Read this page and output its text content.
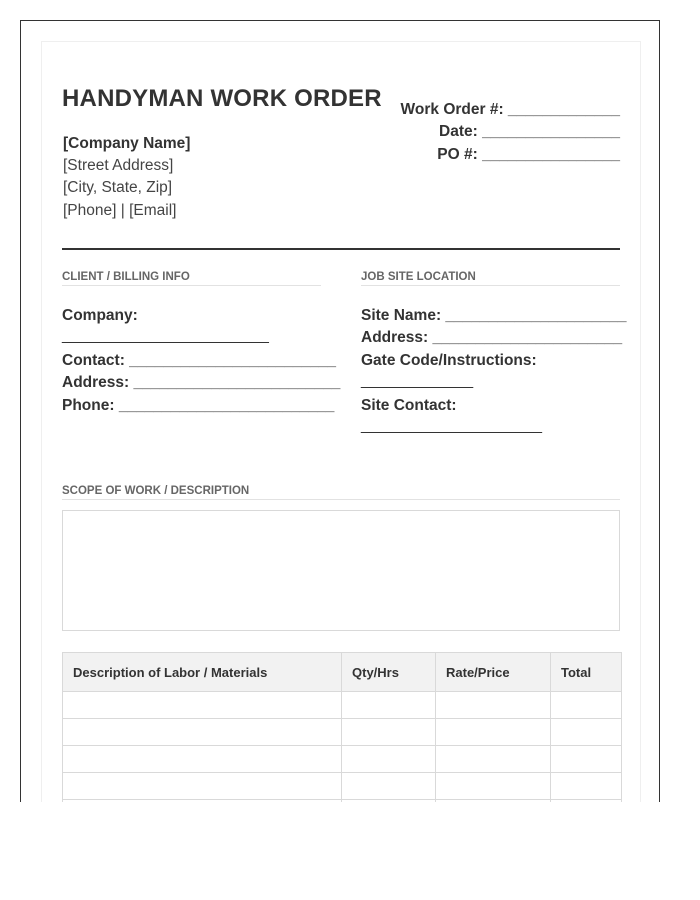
HANDYMAN WORK ORDER Work Order #: _____________
Date: ________________
PO #: ________________
[Company Name]
[Street Address]
[City, State, Zip]
[Phone] | [Email]
CLIENT / BILLING INFO
Company:
________________________
Contact: ________________________
Address: ________________________
Phone: _________________________
JOB SITE LOCATION
Site Name: _____________________
Address: ______________________
Gate Code/Instructions:
_____________
Site Contact:
_____________________
SCOPE OF WORK / DESCRIPTION
Description of Labor / Materials	Qty/Hrs	Rate/Price	Total
